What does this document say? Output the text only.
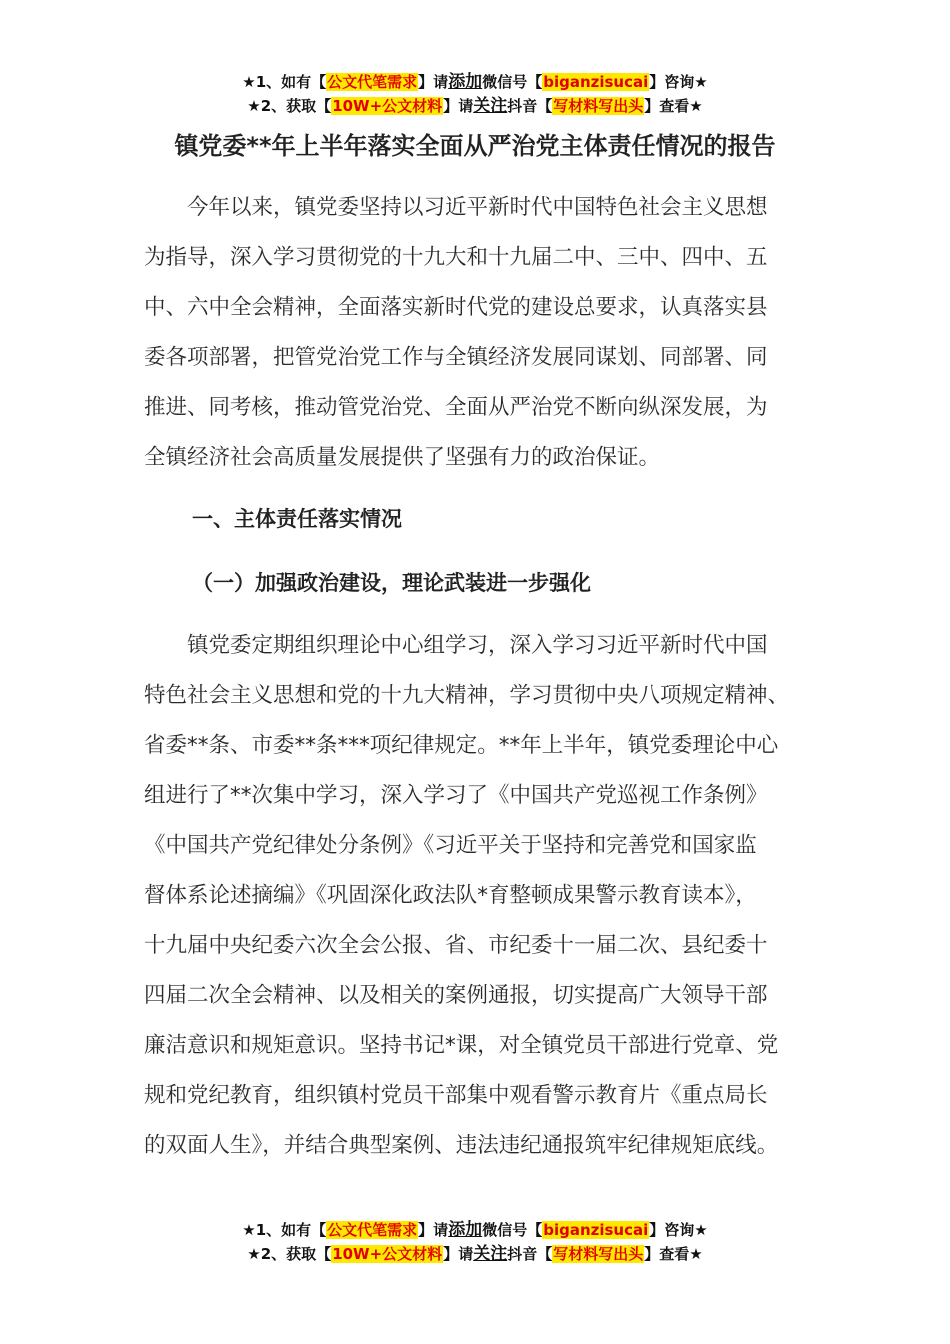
★1、如有【公文代笔需求】请添加微信号【biganzisucai】咨询★
★2、获取【10W+公文材料】请关注抖音【写材料写出头】查看★
镇党委**年上半年落实全面从严治党主体责任情况的报告
　　今年以来，镇党委坚持以习近平新时代中国特色社会主义思想
为指导，深入学习贯彻党的十九大和十九届二中、三中、四中、五
中、六中全会精神，全面落实新时代党的建设总要求，认真落实县
委各项部署，把管党治党工作与全镇经济发展同谋划、同部署、同
推进、同考核，推动管党治党、全面从严治党不断向纵深发展，为
全镇经济社会高质量发展提供了坚强有力的政治保证。
一、主体责任落实情况
（一）加强政治建设，理论武装进一步强化
　　镇党委定期组织理论中心组学习，深入学习习近平新时代中国
特色社会主义思想和党的十九大精神，学习贯彻中央八项规定精神、
省委**条、市委**条***项纪律规定。**年上半年，镇党委理论中心
组进行了**次集中学习，深入学习了《中国共产党巡视工作条例》
《中国共产党纪律处分条例》《习近平关于坚持和完善党和国家监
督体系论述摘编》《巩固深化政法队*育整顿成果警示教育读本》，
十九届中央纪委六次全会公报、省、市纪委十一届二次、县纪委十
四届二次全会精神、以及相关的案例通报，切实提高广大领导干部
廉洁意识和规矩意识。坚持书记*课，对全镇党员干部进行党章、党
规和党纪教育，组织镇村党员干部集中观看警示教育片《重点局长
的双面人生》，并结合典型案例、违法违纪通报筑牢纪律规矩底线。
★1、如有【公文代笔需求】请添加微信号【biganzisucai】咨询★
★2、获取【10W+公文材料】请关注抖音【写材料写出头】查看★
